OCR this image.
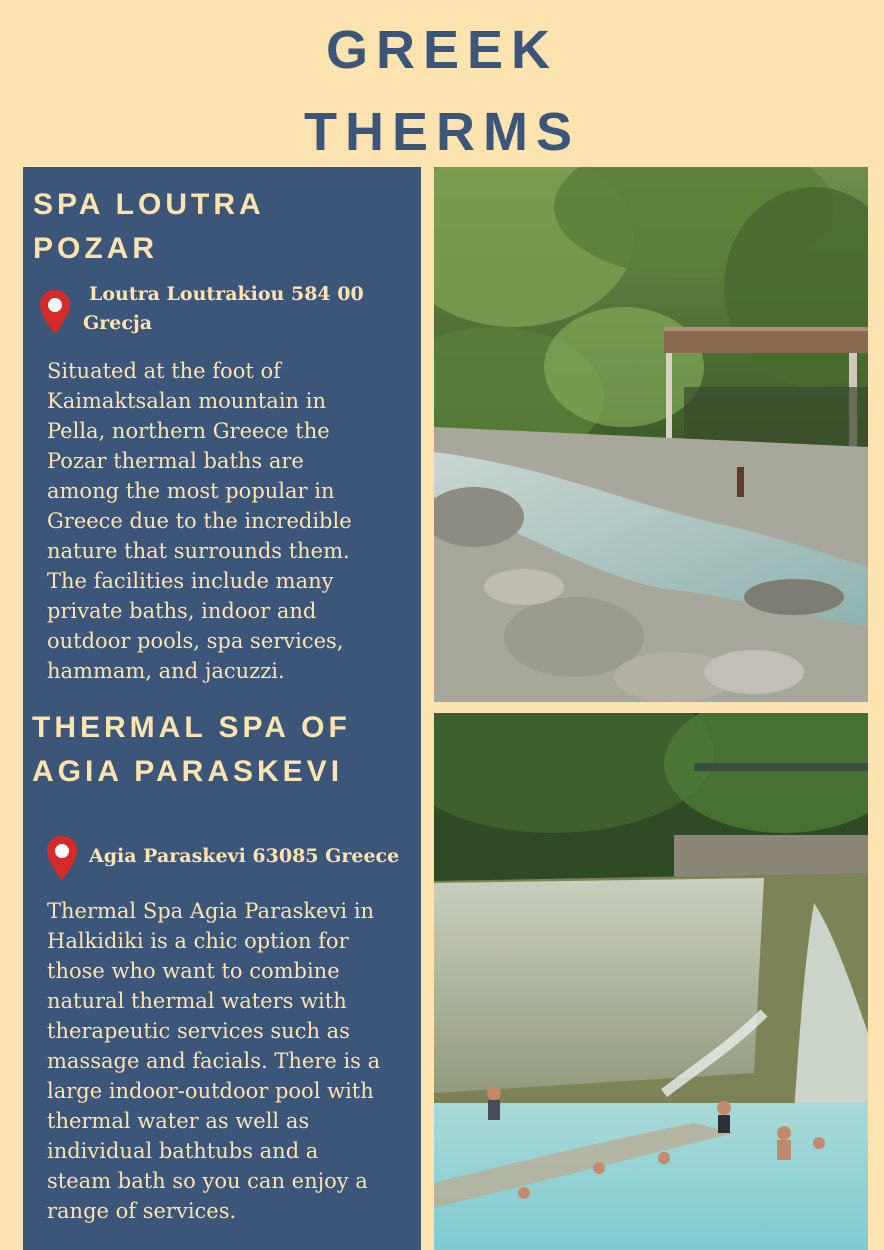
GREEK
THERMS
SPA LOUTRA
POZAR
Loutra Loutrakiou 584 00
Grecja
Situated at the foot of
Kaimaktsalan mountain in
Pella, northern Greece the
Pozar thermal baths are
among the most popular in
Greece due to the incredible
nature that surrounds them.
The facilities include many
private baths, indoor and
outdoor pools, spa services,
hammam, and jacuzzi.
THERMAL SPA OF
AGIA PARASKEVI
Agia Paraskevi 63085 Greece
Thermal Spa Agia Paraskevi in
Halkidiki is a chic option for
those who want to combine
natural thermal waters with
therapeutic services such as
massage and facials. There is a
large indoor-outdoor pool with
thermal water as well as
individual bathtubs and a
steam bath so you can enjoy a
range of services.
